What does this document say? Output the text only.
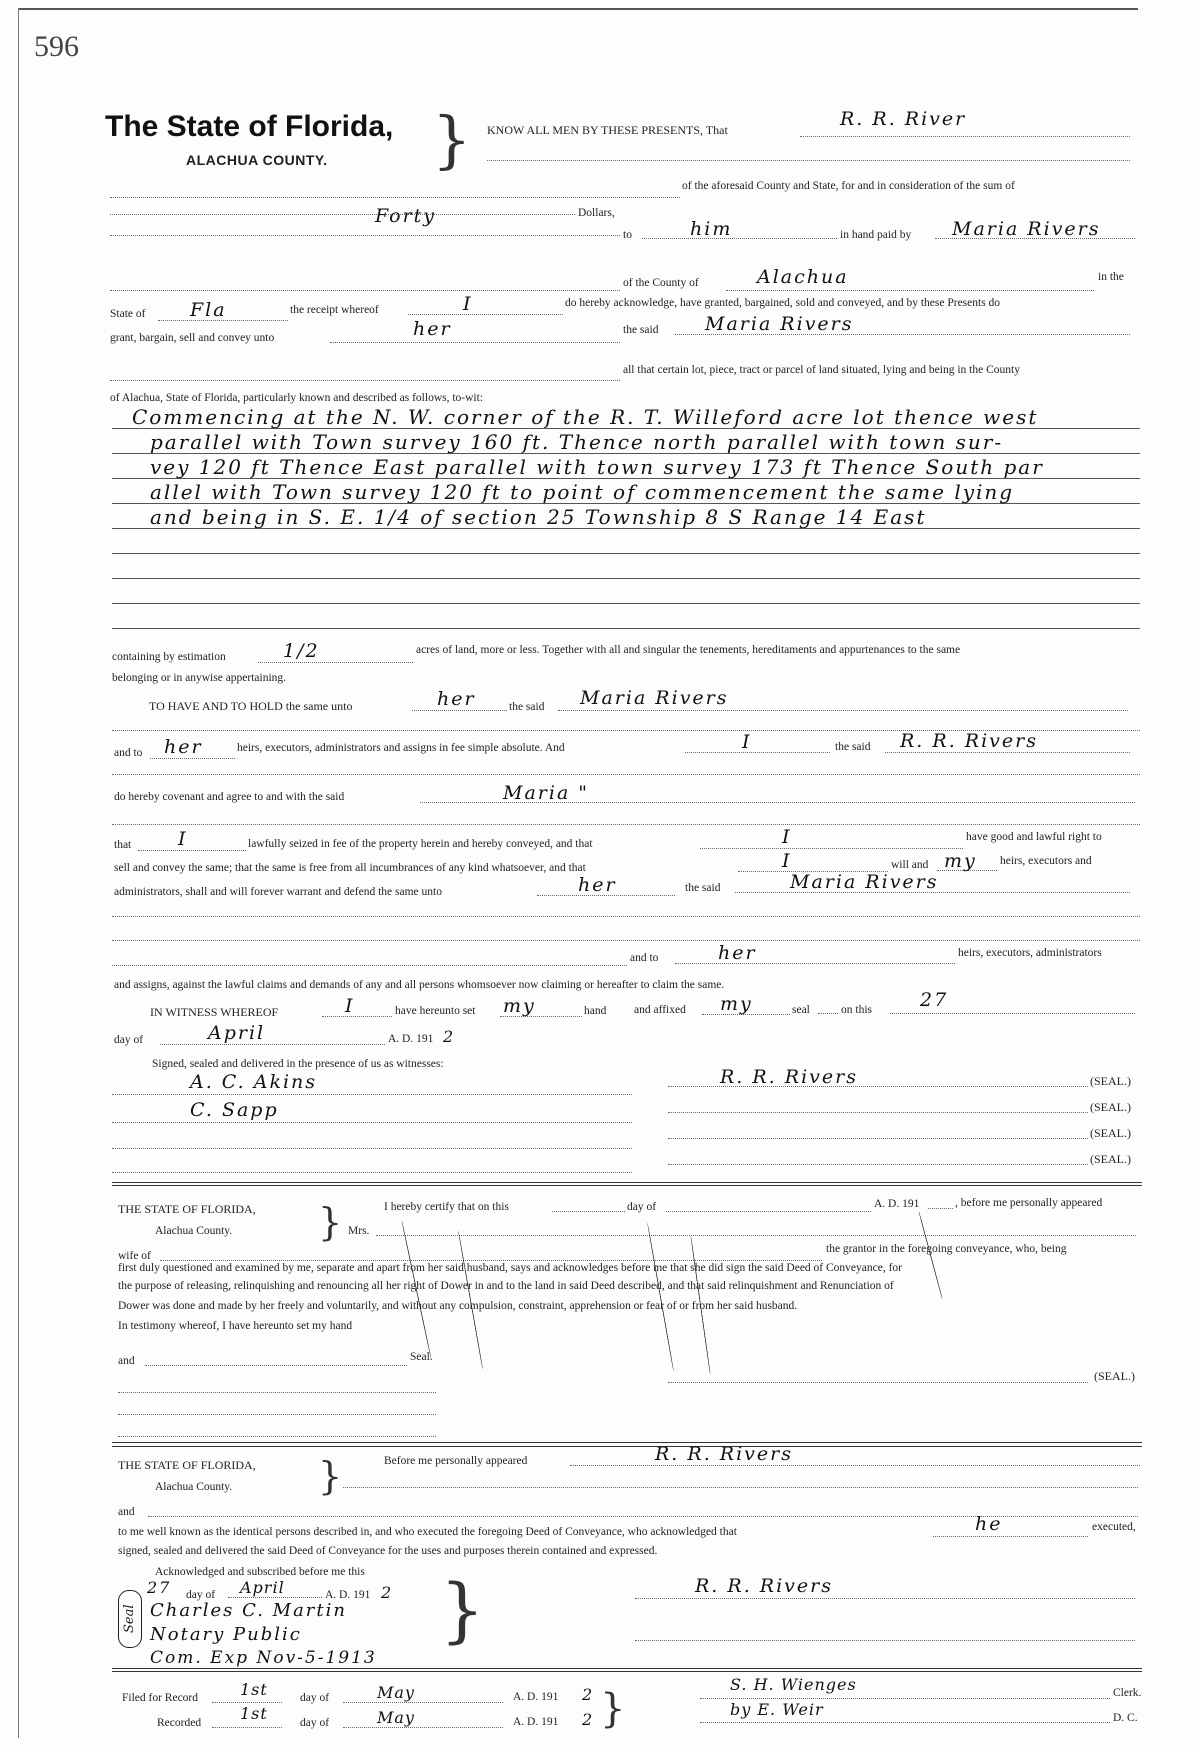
596
The State of Florida,
ALACHUA COUNTY. } KNOW ALL MEN BY THESE PRESENTS, That	R. R. River
of the aforesaid County and State, for and in consideration of the sum of
Forty	Dollars,
to	him	in hand paid by Maria Rivers
of the County of	Alachua	in the
State of Fla	the receipt whereof	I	do hereby acknowledge, have granted, bargained, sold and conveyed, and by these Presents do
grant, bargain, sell and convey unto	her	the said Maria Rivers
all that certain lot, piece, tract or parcel of land situated, lying and being in the County
of Alachua, State of Florida, particularly known and described as follows, to-wit:
Commencing at the N. W. corner of the R. T. Willeford acre lot thence west
parallel with Town survey 160 ft. Thence north parallel with town sur-
vey 120 ft Thence East parallel with town survey 173 ft Thence South par
allel with Town survey 120 ft to point of commencement the same lying
and being in S. E. 1/4 of section 25 Township 8 S Range 14 East
containing by estimation	1/2	acres of land, more or less. Together with all and singular the tenements, hereditaments and appurtenances to the same
belonging or in anywise appertaining.
TO HAVE AND TO HOLD the same unto	her	the said Maria Rivers
and to her	heirs, executors, administrators and assigns in fee simple absolute. And	I	the said R. R. Rivers
do hereby covenant and agree to and with the said	Maria "
that I	lawfully seized in fee of the property herein and hereby conveyed, and that	I	have good and lawful right to
sell and convey the same; that the same is free from all incumbrances of any kind whatsoever, and that	I	will and my heirs, executors and
administrators, shall and will forever warrant and defend the same unto	her	the said	Maria Rivers
and to	her	heirs, executors, administrators
and assigns, against the lawful claims and demands of any and all persons whomsoever now claiming or hereafter to claim the same.
IN WITNESS WHEREOF	I	have hereunto set my	hand and affixed my	seal	on this	27
day of	April	A. D. 191 2
Signed, sealed and delivered in the presence of us as witnesses:
A. C. Akins
C. Sapp
R. R. Rivers	(SEAL.)
(SEAL.)
(SEAL.)
(SEAL.)
THE STATE OF FLORIDA,
Alachua County. }	I hereby certify that on this	day of	A. D. 191	, before me personally appeared
Mrs.
wife of
the grantor in the foregoing conveyance, who, being
first duly questioned and examined by me, separate and apart from her said husband, says and acknowledges before me that she did sign the said Deed of Conveyance, for
the purpose of releasing, relinquishing and renouncing all her right of Dower in and to the land in said Deed described, and that said relinquishment and Renunciation of
Dower was done and made by her freely and voluntarily, and without any compulsion, constraint, apprehension or fear of or from her said husband.
In testimony whereof, I have hereunto set my hand
and	Seal.
(SEAL.)
THE STATE OF FLORIDA,
Alachua County. }	Before me personally appeared	R. R. Rivers
and
to me well known as the identical persons described in, and who executed the foregoing Deed of Conveyance, who acknowledged that	he	executed,
signed, sealed and delivered the said Deed of Conveyance for the uses and purposes therein contained and expressed.
Acknowledged and subscribed before me this
27 day of April	A. D. 191 2 }
Seal Charles C. Martin
Notary Public
Com. Exp Nov-5-1913
R. R. Rivers
Filed for Record	1st	day of	May	A. D. 191 2
Recorded 1st	day of	May	A. D. 191 2 }
S. H. Wienges	Clerk.
by E. Weir	D. C.
